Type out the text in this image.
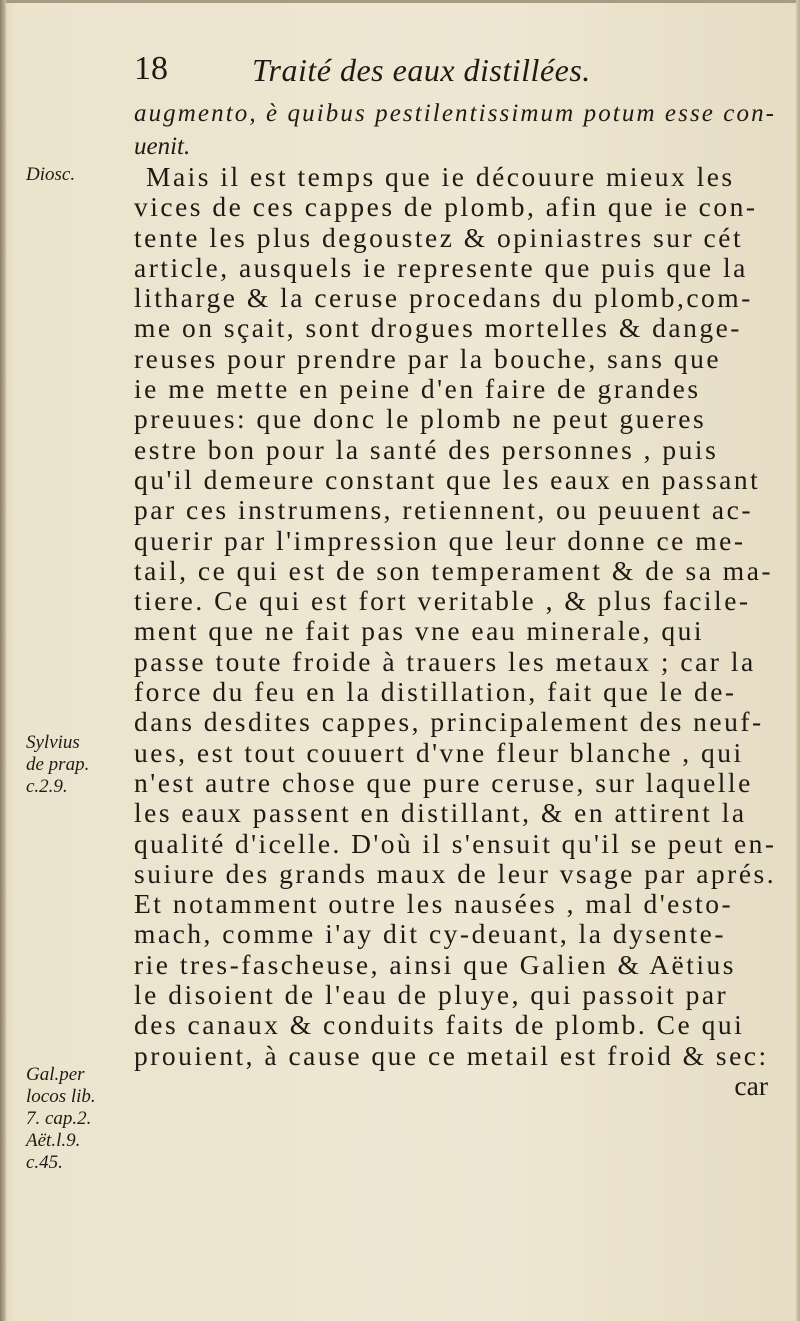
18	Traité des eaux distillées.
augmento, è quibus pestilentissimum potum esse con-
uenit.
Diosc.
Sylvius
de prap.
c.2.9.
Gal.per
locos lib.
7. cap.2.
Aët.l.9.
c.45.
Mais il est temps que ie découure mieux les
vices de ces cappes de plomb, afin que ie con-
tente les plus degoustez & opiniastres sur cét
article, ausquels ie represente que puis que la
litharge & la ceruse procedans du plomb,com-
me on sçait, sont drogues mortelles & dange-
reuses pour prendre par la bouche, sans que
ie me mette en peine d'en faire de grandes
preuues: que donc le plomb ne peut gueres
estre bon pour la santé des personnes , puis
qu'il demeure constant que les eaux en passant
par ces instrumens, retiennent, ou peuuent ac-
querir par l'impression que leur donne ce me-
tail, ce qui est de son temperament & de sa ma-
tiere. Ce qui est fort veritable , & plus facile-
ment que ne fait pas vne eau minerale, qui
passe toute froide à trauers les metaux ; car la
force du feu en la distillation, fait que le de-
dans desdites cappes, principalement des neuf-
ues, est tout couuert d'vne fleur blanche , qui
n'est autre chose que pure ceruse, sur laquelle
les eaux passent en distillant, & en attirent la
qualité d'icelle. D'où il s'ensuit qu'il se peut en-
suiure des grands maux de leur vsage par aprés.
Et notamment outre les nausées , mal d'esto-
mach, comme i'ay dit cy-deuant, la dysente-
rie tres-fascheuse, ainsi que Galien & Aëtius
le disoient de l'eau de pluye, qui passoit par
des canaux & conduits faits de plomb. Ce qui
prouient, à cause que ce metail est froid & sec:
car
